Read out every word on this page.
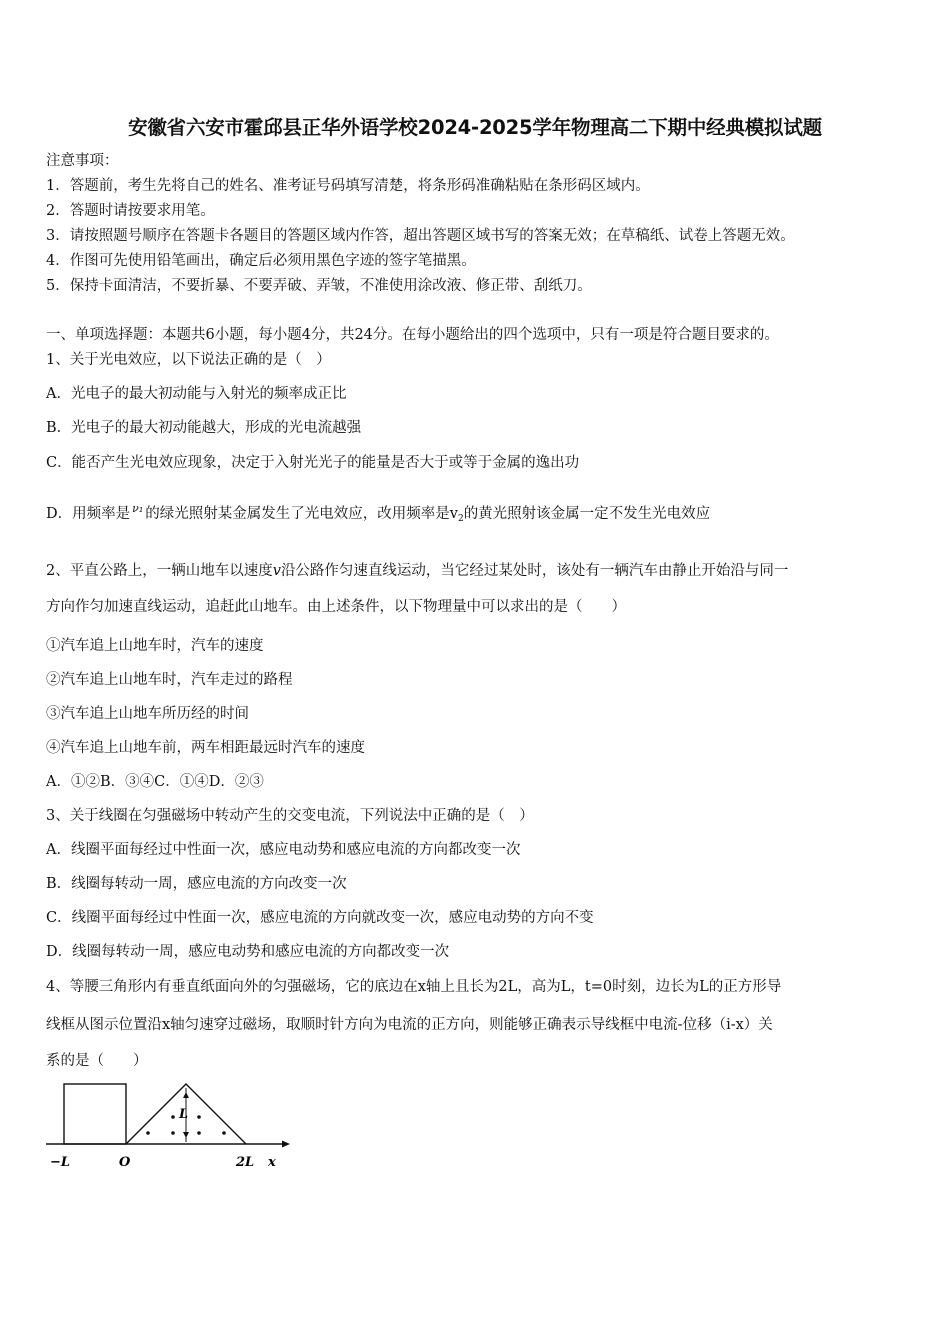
安徽省六安市霍邱县正华外语学校2024-2025学年物理高二下期中经典模拟试题
注意事项：
1．答题前，考生先将自己的姓名、准考证号码填写清楚，将条形码准确粘贴在条形码区域内。
2．答题时请按要求用笔。
3．请按照题号顺序在答题卡各题目的答题区域内作答，超出答题区域书写的答案无效；在草稿纸、试卷上答题无效。
4．作图可先使用铅笔画出，确定后必须用黑色字迹的签字笔描黑。
5．保持卡面清洁，不要折暴、不要弄破、弄皱，不准使用涂改液、修正带、刮纸刀。
一、单项选择题：本题共6小题，每小题4分，共24分。在每小题给出的四个选项中，只有一项是符合题目要求的。
1、关于光电效应，以下说法正确的是（　）
A．光电子的最大初动能与入射光的频率成正比
B．光电子的最大初动能越大，形成的光电流越强
C．能否产生光电效应现象，决定于入射光光子的能量是否大于或等于金属的逸出功
D．用频率是 $^{\nu_1}$ 的绿光照射某金属发生了光电效应，改用频率是$v_2$的黄光照射该金属一定不发生光电效应
2、平直公路上，一辆山地车以速度v沿公路作匀速直线运动，当它经过某处时，该处有一辆汽车由静止开始沿与同一
方向作匀加速直线运动，追赶此山地车。由上述条件，以下物理量中可以求出的是（　　）
①汽车追上山地车时，汽车的速度
②汽车追上山地车时，汽车走过的路程
③汽车追上山地车所历经的时间
④汽车追上山地车前，两车相距最远时汽车的速度
A．①②B．③④C．①④D．②③
3、关于线圈在匀强磁场中转动产生的交变电流，下列说法中正确的是（　）
A．线圈平面每经过中性面一次，感应电动势和感应电流的方向都改变一次
B．线圈每转动一周，感应电流的方向改变一次
C．线圈平面每经过中性面一次，感应电流的方向就改变一次，感应电动势的方向不变
D．线圈每转动一周，感应电动势和感应电流的方向都改变一次
4、等腰三角形内有垂直纸面向外的匀强磁场，它的底边在x轴上且长为2L，高为L，t=0时刻，边长为L的正方形导
线框从图示位置沿x轴匀速穿过磁场，取顺时针方向为电流的正方向，则能够正确表示导线框中电流-位移（i-x）关
系的是（　　）
L
−L	O	2L x
